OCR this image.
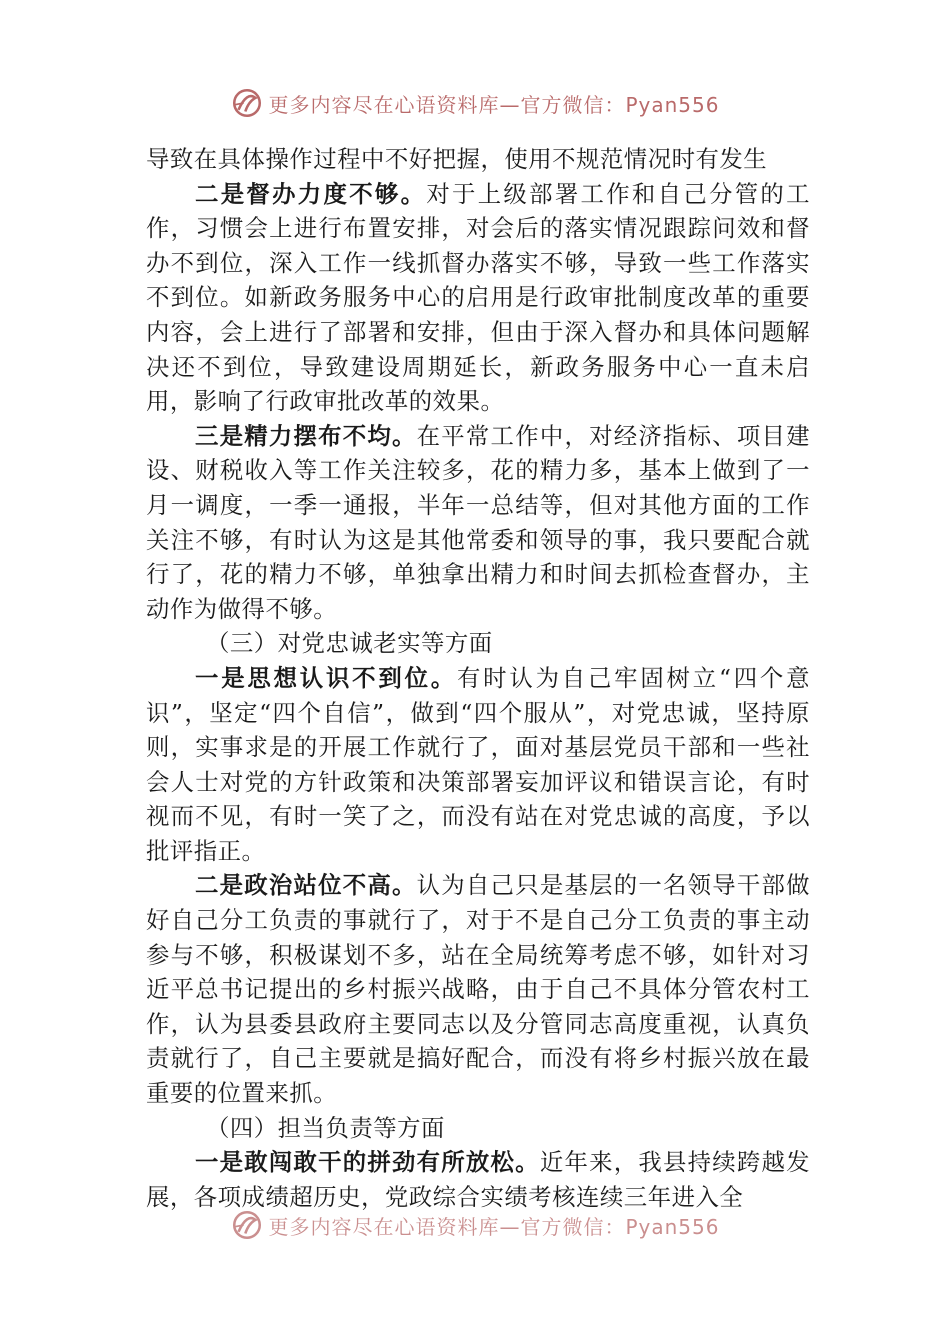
更多内容尽在心语资料库—官方微信：Pyan556

导致在具体操作过程中不好把握，使用不规范情况时有发生

二是督办力度不够。对于上级部署工作和自己分管的工作，习惯会上进行布置安排，对会后的落实情况跟踪问效和督办不到位，深入工作一线抓督办落实不够，导致一些工作落实不到位。如新政务服务中心的启用是行政审批制度改革的重要内容，会上进行了部署和安排，但由于深入督办和具体问题解决还不到位，导致建设周期延长，新政务服务中心一直未启用，影响了行政审批改革的效果。

三是精力摆布不均。在平常工作中，对经济指标、项目建设、财税收入等工作关注较多，花的精力多，基本上做到了一月一调度，一季一通报，半年一总结等，但对其他方面的工作关注不够，有时认为这是其他常委和领导的事，我只要配合就行了，花的精力不够，单独拿出精力和时间去抓检查督办，主动作为做得不够。

（三）对党忠诚老实等方面

一是思想认识不到位。有时认为自己牢固树立“四个意识”，坚定“四个自信”，做到“四个服从”，对党忠诚，坚持原则，实事求是的开展工作就行了，面对基层党员干部和一些社会人士对党的方针政策和决策部署妄加评议和错误言论，有时视而不见，有时一笑了之，而没有站在对党忠诚的高度，予以批评指正。

二是政治站位不高。认为自己只是基层的一名领导干部做好自己分工负责的事就行了，对于不是自己分工负责的事主动参与不够，积极谋划不多，站在全局统筹考虑不够，如针对习近平总书记提出的乡村振兴战略，由于自己不具体分管农村工作，认为县委县政府主要同志以及分管同志高度重视，认真负责就行了，自己主要就是搞好配合，而没有将乡村振兴放在最重要的位置来抓。

（四）担当负责等方面

一是敢闯敢干的拼劲有所放松。近年来，我县持续跨越发展，各项成绩超历史，党政综合实绩考核连续三年进入全

更多内容尽在心语资料库—官方微信：Pyan556
